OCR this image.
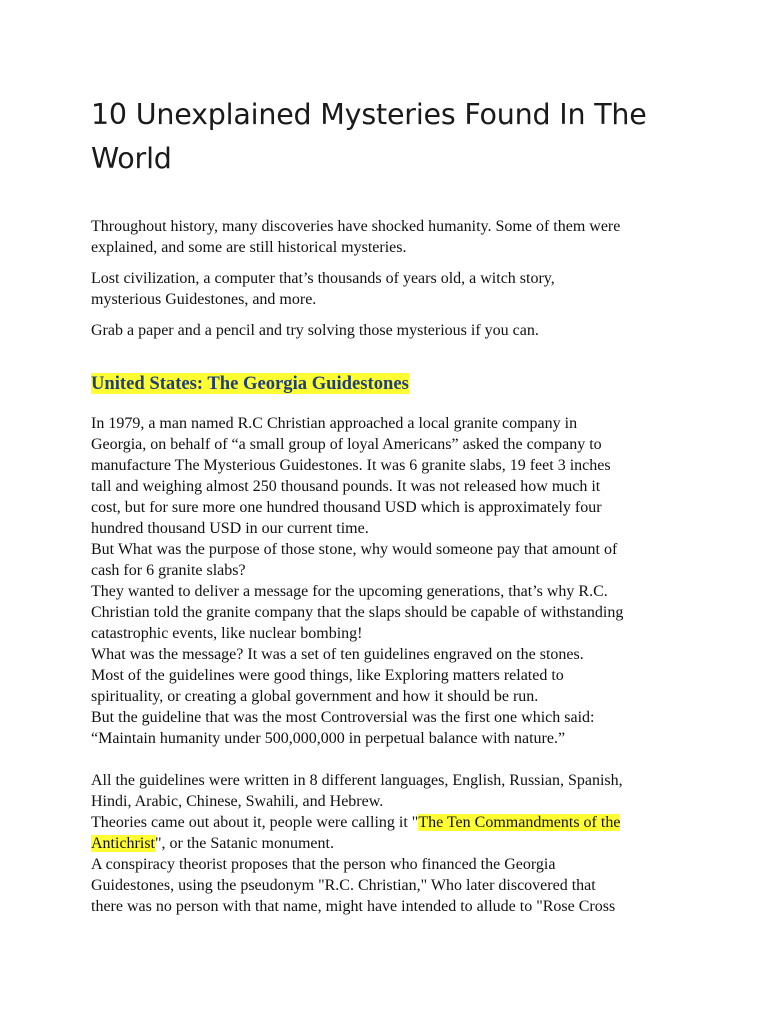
10 Unexplained Mysteries Found In The
World

Throughout history, many discoveries have shocked humanity. Some of them were
explained, and some are still historical mysteries.

Lost civilization, a computer that’s thousands of years old, a witch story,
mysterious Guidestones, and more.

Grab a paper and a pencil and try solving those mysterious if you can.

United States: The Georgia Guidestones
In 1979, a man named R.C Christian approached a local granite company in
Georgia, on behalf of “a small group of loyal Americans” asked the company to
manufacture The Mysterious Guidestones. It was 6 granite slabs, 19 feet 3 inches
tall and weighing almost 250 thousand pounds. It was not released how much it
cost, but for sure more one hundred thousand USD which is approximately four
hundred thousand USD in our current time.
But What was the purpose of those stone, why would someone pay that amount of
cash for 6 granite slabs?
They wanted to deliver a message for the upcoming generations, that’s why R.C.
Christian told the granite company that the slaps should be capable of withstanding
catastrophic events, like nuclear bombing!
What was the message? It was a set of ten guidelines engraved on the stones.
Most of the guidelines were good things, like Exploring matters related to
spirituality, or creating a global government and how it should be run.
But the guideline that was the most Controversial was the first one which said:
“Maintain humanity under 500,000,000 in perpetual balance with nature.”
All the guidelines were written in 8 different languages, English, Russian, Spanish,
Hindi, Arabic, Chinese, Swahili, and Hebrew.
Theories came out about it, people were calling it "The Ten Commandments of the
Antichrist", or the Satanic monument.
A conspiracy theorist proposes that the person who financed the Georgia
Guidestones, using the pseudonym "R.C. Christian," Who later discovered that
there was no person with that name, might have intended to allude to "Rose Cross
